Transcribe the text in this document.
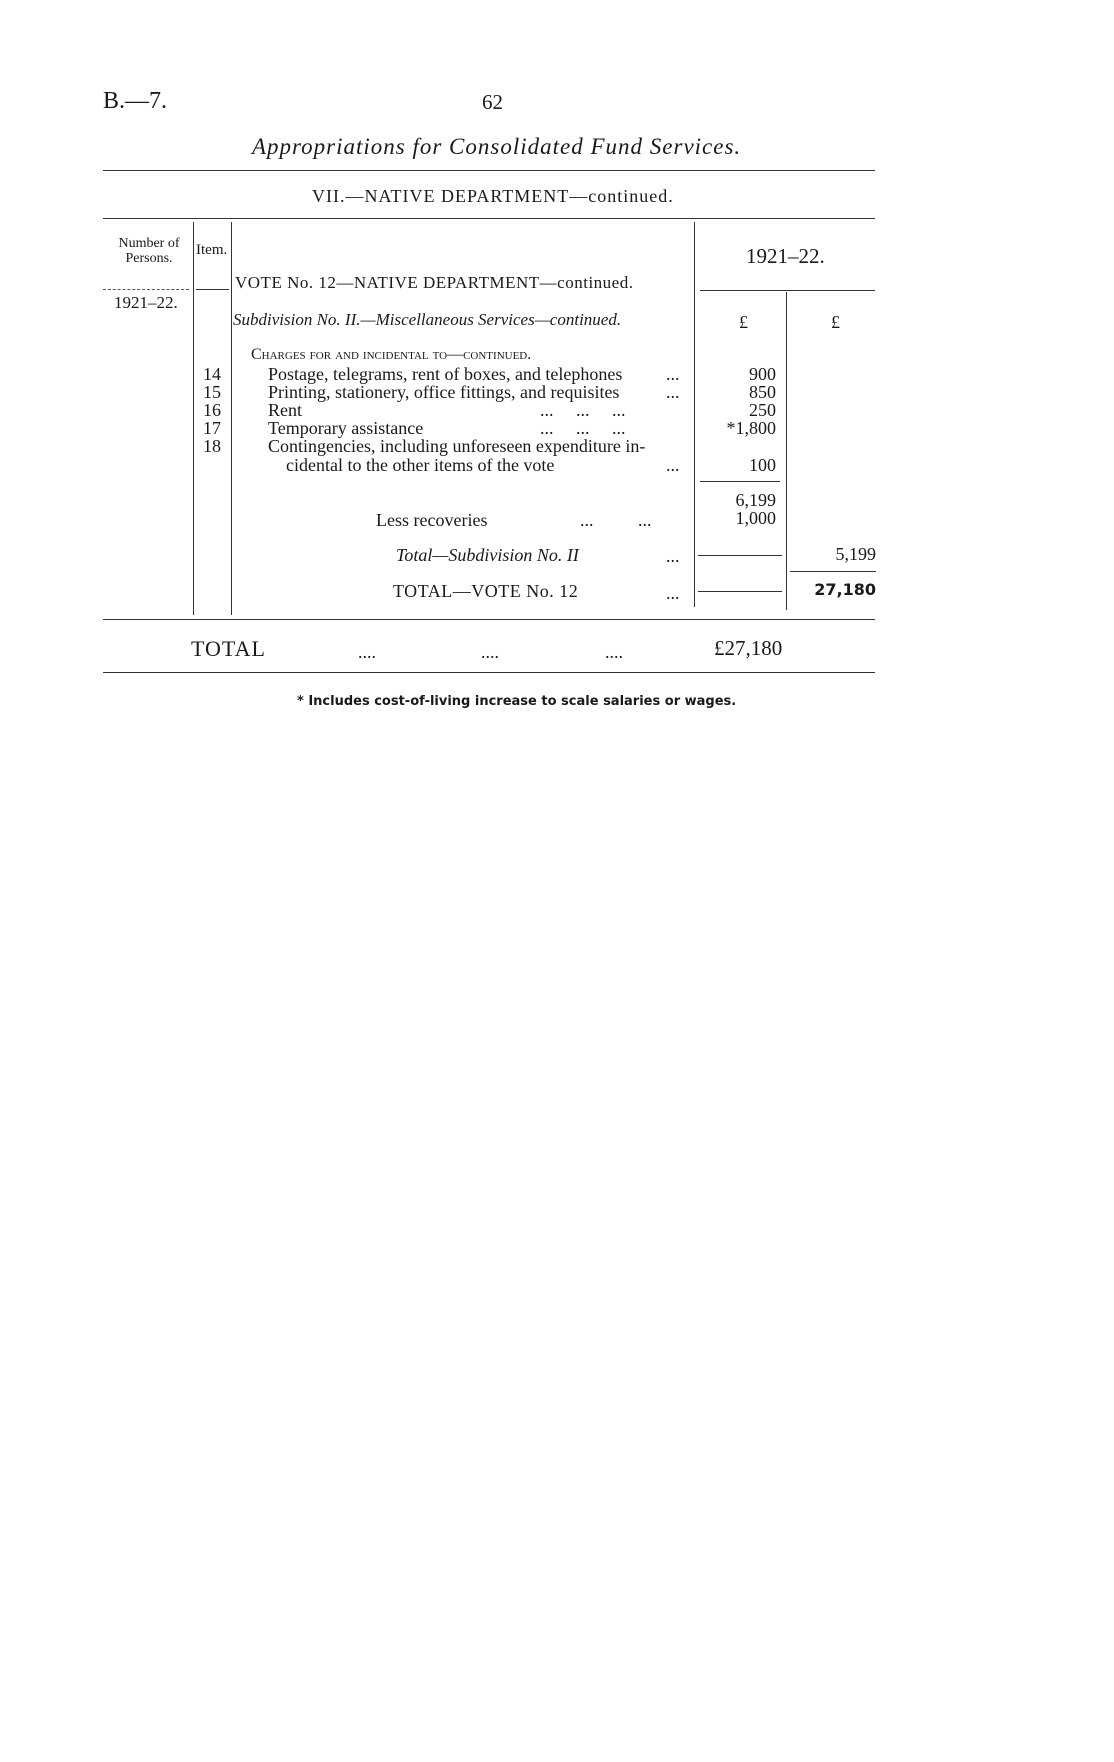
B.—7.	62
Appropriations for Consolidated Fund Services.
VII.—NATIVE DEPARTMENT—continued.
Number of Persons.
Item.	1921–22.
1921–22.
VOTE No. 12—NATIVE DEPARTMENT—continued.
Subdivision No. II.—Miscellaneous Services—continued.	£	£
Charges for and incidental to—continued.
14	Postage, telegrams, rent of boxes, and telephones ...	900
15	Printing, stationery, office fittings, and requisites	...	850
16	Rent	... ... ...	250
17	Temporary assistance	... ... ...	*1,800
18	Contingencies, including unforeseen expenditure in-
cidental to the other items of the vote	...	100
6,199
Less recoveries	... ...	1,000
Total—Subdivision No. II	...	5,199
TOTAL—VOTE No. 12	...	27,180
TOTAL	....	....	....	£27,180
* Includes cost-of-living increase to scale salaries or wages.
